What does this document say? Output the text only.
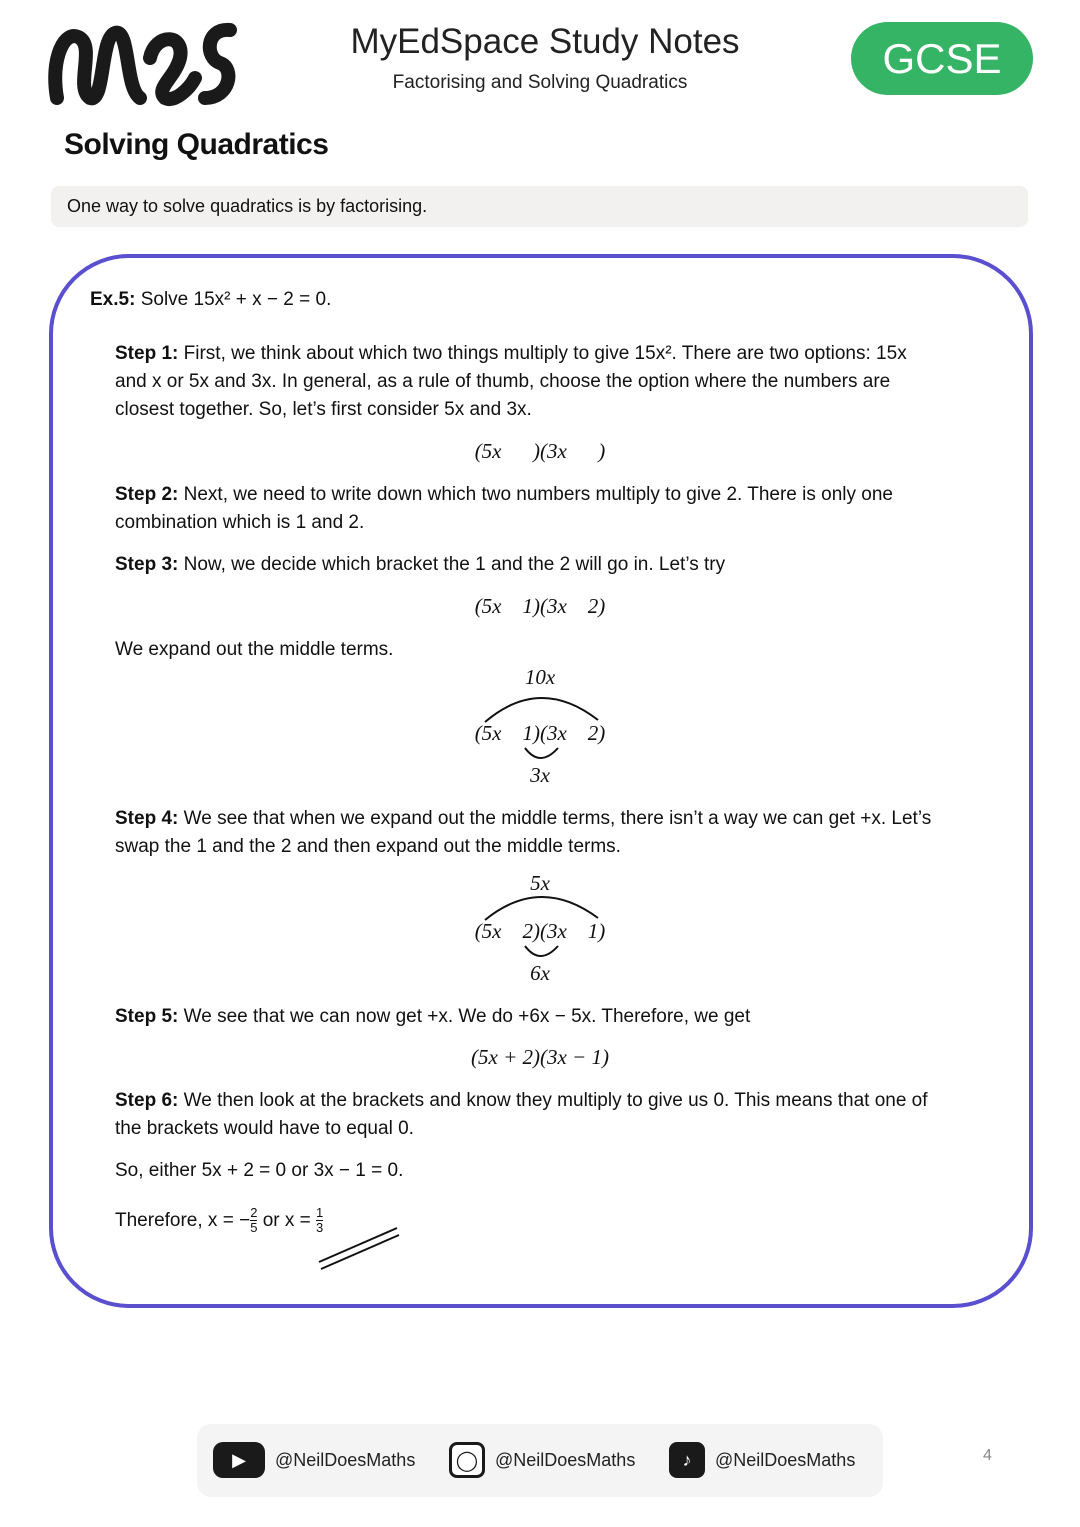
MyEdSpace Study Notes
Factorising and Solving Quadratics
GCSE
Solving Quadratics
One way to solve quadratics is by factorising.
Ex.5: Solve 15x² + x − 2 = 0.
Step 1: First, we think about which two things multiply to give 15x². There are two options: 15x
and x or 5x and 3x. In general, as a rule of thumb, choose the option where the numbers are
closest together. So, let’s first consider 5x and 3x.
(5x      )(3x      )
Step 2: Next, we need to write down which two numbers multiply to give 2. There is only one
combination which is 1 and 2.
Step 3: Now, we decide which bracket the 1 and the 2 will go in. Let’s try
(5x    1)(3x    2)
We expand out the middle terms.
10x
(5x    1)(3x    2)
3x
Step 4: We see that when we expand out the middle terms, there isn’t a way we can get +x. Let’s
swap the 1 and the 2 and then expand out the middle terms.
5x
(5x    2)(3x    1)
6x
Step 5: We see that we can now get +x. We do +6x − 5x. Therefore, we get
(5x + 2)(3x − 1)
Step 6: We then look at the brackets and know they multiply to give us 0. This means that one of
the brackets would have to equal 0.
So, either 5x + 2 = 0 or 3x − 1 = 0.
Therefore, x = − $\frac{2}{5}$ or $x = \frac{1}{3}$
▶	@NeilDoesMaths	◯ @NeilDoesMaths	♪	@NeilDoesMaths	4
